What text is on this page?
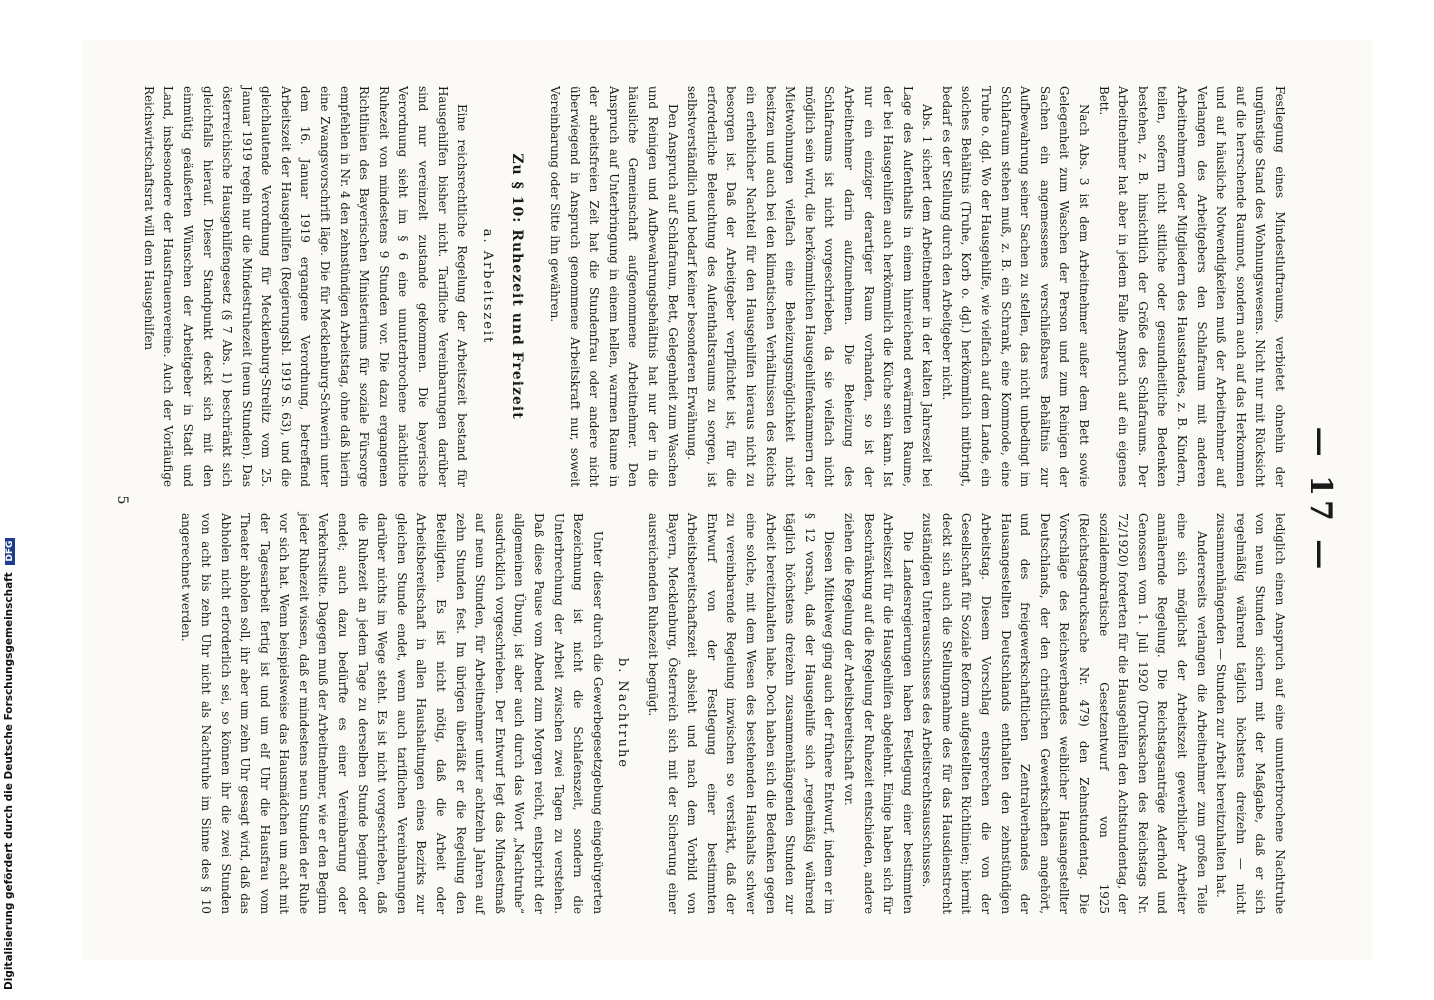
— 17 —

Festlegung eines Mindestluftraums, verbietet ohnehin der ungünstige Stand des Wohnungswesens. Nicht nur mit Rücksicht auf die herrschende Raumnot, sondern auch auf das Herkommen und auf häusliche Notwendigkeiten muß der Arbeitnehmer auf Verlangen des Arbeitgebers den Schlafraum mit anderen Arbeitnehmern oder Mitgliedern des Hausstandes, z. B. Kindern, teilen, sofern nicht sittliche oder gesundheitliche Bedenken bestehen, z. B. hinsichtlich der Größe des Schlafraums. Der Arbeitnehmer hat aber in jedem Falle Anspruch auf ein eigenes Bett.

Nach Abs. 3 ist dem Arbeitnehmer außer dem Bett sowie Gelegenheit zum Waschen der Person und zum Reinigen der Sachen ein angemessenes verschließbares Behältnis zur Aufbewahrung seiner Sachen zu stellen, das nicht unbedingt im Schlafraum stehen muß, z. B. ein Schrank, eine Kommode, eine Truhe o. dgl. Wo der Hausgehilfe, wie vielfach auf dem Lande, ein solches Behältnis (Truhe, Korb o. dgl.) herkömmlich mitbringt, bedarf es der Stellung durch den Arbeitgeber nicht.

Abs. 1 sichert dem Arbeitnehmer in der kalten Jahreszeit bei Lage des Aufenthalts in einem hinreichend erwärmten Raume, der bei Hausgehilfen auch herkömmlich die Küche sein kann. Ist nur ein einziger derartiger Raum vorhanden, so ist der Arbeitnehmer darin aufzunehmen. Die Beheizung des Schlafraums ist nicht vorgeschrieben, da sie vielfach nicht möglich sein wird, die herkömmlichen Hausgehilfenkammern der Mietwohnungen vielfach eine Beheizungsmöglichkeit nicht besitzen und auch bei den klimatischen Verhältnissen des Reichs ein erheblicher Nachteil für den Hausgehilfen hieraus nicht zu besorgen ist. Daß der Arbeitgeber verpflichtet ist, für die erforderliche Beleuchtung des Aufenthaltsraums zu sorgen, ist selbstverständlich und bedarf keiner besonderen Erwähnung.

Den Anspruch auf Schlafraum, Bett, Gelegenheit zum Waschen und Reinigen und Aufbewahrungsbehältnis hat nur der in die häusliche Gemeinschaft aufgenommene Arbeitnehmer. Den Anspruch auf Unterbringung in einem hellen, warmen Raume in der arbeitsfreien Zeit hat die Stundenfrau oder andere nicht überwiegend in Anspruch genommene Arbeitskraft nur, soweit Vereinbarung oder Sitte ihn gewähren.

Zu § 10: Ruhezeit und Freizeit
a. Arbeitszeit

Eine reichsrechtliche Regelung der Arbeitszeit bestand für Hausgehilfen bisher nicht. Tarifliche Vereinbarungen darüber sind nur vereinzelt zustande gekommen. Die bayerische Verordnung sieht im § 6 eine ununterbrochene nächtliche Ruhezeit von mindestens 9 Stunden vor. Die dazu ergangenen Richtlinien des Bayerischen Ministeriums für soziale Fürsorge empfehlen in Nr. 4 den zehnstündigen Arbeitstag, ohne daß hierin eine Zwangsvorschrift läge. Die für Mecklenburg-Schwerin unter dem 16. Januar 1919 ergangene Verordnung, betreffend Arbeitszeit der Hausgehilfen (Regierungsbl. 1919 S. 63), und die gleichlautende Verordnung für Mecklenburg-Strelitz vom 25. Januar 1919 regeln nur die Mindestruhezeit (neun Stunden). Das österreichische Hausgehilfengesetz (§ 7 Abs. 1) beschränkt sich gleichfalls hierauf. Dieser Standpunkt deckt sich mit den einmütig geäußerten Wünschen der Arbeitgeber in Stadt und Land, insbesondere der Hausfrauenvereine. Auch der Vorläufige Reichswirtschaftsrat will dem Hausgehilfen

lediglich einen Anspruch auf eine ununterbrochene Nachtruhe von neun Stunden sichern mit der Maßgabe, daß er sich regelmäßig während täglich höchstens dreizehn — nicht zusammenhängenden — Stunden zur Arbeit bereitzuhalten hat.

Andererseits verlangen die Arbeitnehmer zum großen Teile eine sich möglichst der Arbeitszeit gewerblicher Arbeiter annähernde Regelung. Die Reichstagsanträge Aderhold und Genossen vom 1. Juli 1920 (Drucksachen des Reichstags Nr. 72/1920) forderten für die Hausgehilfen den Achtstundentag, der sozialdemokratische Gesetzentwurf von 1925 (Reichstagsdrucksache Nr. 479) den Zehnstundentag. Die Vorschläge des Reichsverbandes weiblicher Hausangestellter Deutschlands, der den christlichen Gewerkschaften angehört, und des freigewerkschaftlichen Zentralverbandes der Hausangestellten Deutschlands enthalten den zehnstündigen Arbeitstag. Diesem Vorschlag entsprechen die von der Gesellschaft für Soziale Reform aufgestellten Richtlinien; hiermit deckt sich auch die Stellungnahme des für das Hausdienstrecht zuständigen Unterausschusses des Arbeitsrechtsausschusses.

Die Landesregierungen haben Festlegung einer bestimmten Arbeitszeit für die Hausgehilfen abgelehnt. Einige haben sich für Beschränkung auf die Regelung der Ruhezeit entschieden, andere ziehen die Regelung der Arbeitsbereitschaft vor.

Diesen Mittelweg ging auch der frühere Entwurf, indem er im § 12 vorsah, daß der Hausgehilfe sich „regelmäßig während täglich höchstens dreizehn zusammenhängenden Stunden zur Arbeit bereitzuhalten habe. Doch haben sich die Bedenken gegen eine solche, mit dem Wesen des bestehenden Haushalts schwer zu vereinbarende Regelung inzwischen so verstärkt, daß der Entwurf von der Festlegung einer bestimmten Arbeitsbereitschaftszeit absieht und nach dem Vorbild von Bayern, Mecklenburg, Österreich sich mit der Sicherung einer ausreichenden Ruhezeit begnügt.

b. Nachtruhe

Unter dieser durch die Gewerbegesetzgebung eingebürgerten Bezeichnung ist nicht die Schlafenszeit, sondern die Unterbrechung der Arbeit zwischen zwei Tagen zu verstehen. Daß diese Pause vom Abend zum Morgen reicht, entspricht der allgemeinen Übung, ist aber auch durch das Wort „Nachtruhe“ ausdrücklich vorgeschrieben. Der Entwurf legt das Mindestmaß auf neun Stunden, für Arbeitnehmer unter achtzehn Jahren auf zehn Stunden fest. Im übrigen überläßt er die Regelung den Beteiligten. Es ist nicht nötig, daß die Arbeit oder Arbeitsbereitschaft in allen Haushaltungen eines Bezirks zur gleichen Stunde endet, wenn auch tariflichen Vereinbarungen darüber nichts im Wege steht. Es ist nicht vorgeschrieben, daß die Ruhezeit an jedem Tage zu derselben Stunde beginnt oder endet; auch dazu bedürfte es einer Vereinbarung oder Verkehrssitte. Dagegen muß der Arbeitnehmer, wie er den Beginn jeder Ruhezeit wissen, daß er mindestens neun Stunden der Ruhe vor sich hat. Wenn beispielsweise das Hausmädchen um acht mit der Tagesarbeit fertig ist und um elf Uhr die Hausfrau vom Theater abholen soll, ihr aber um zehn Uhr gesagt wird, daß das Abholen nicht erforderlich sei, so können ihr die zwei Stunden von acht bis zehn Uhr nicht als Nachtruhe im Sinne des § 10 angerechnet werden.

5
Digitalisierung gefördert durch die Deutsche Forschungsgemeinschaft DFG
